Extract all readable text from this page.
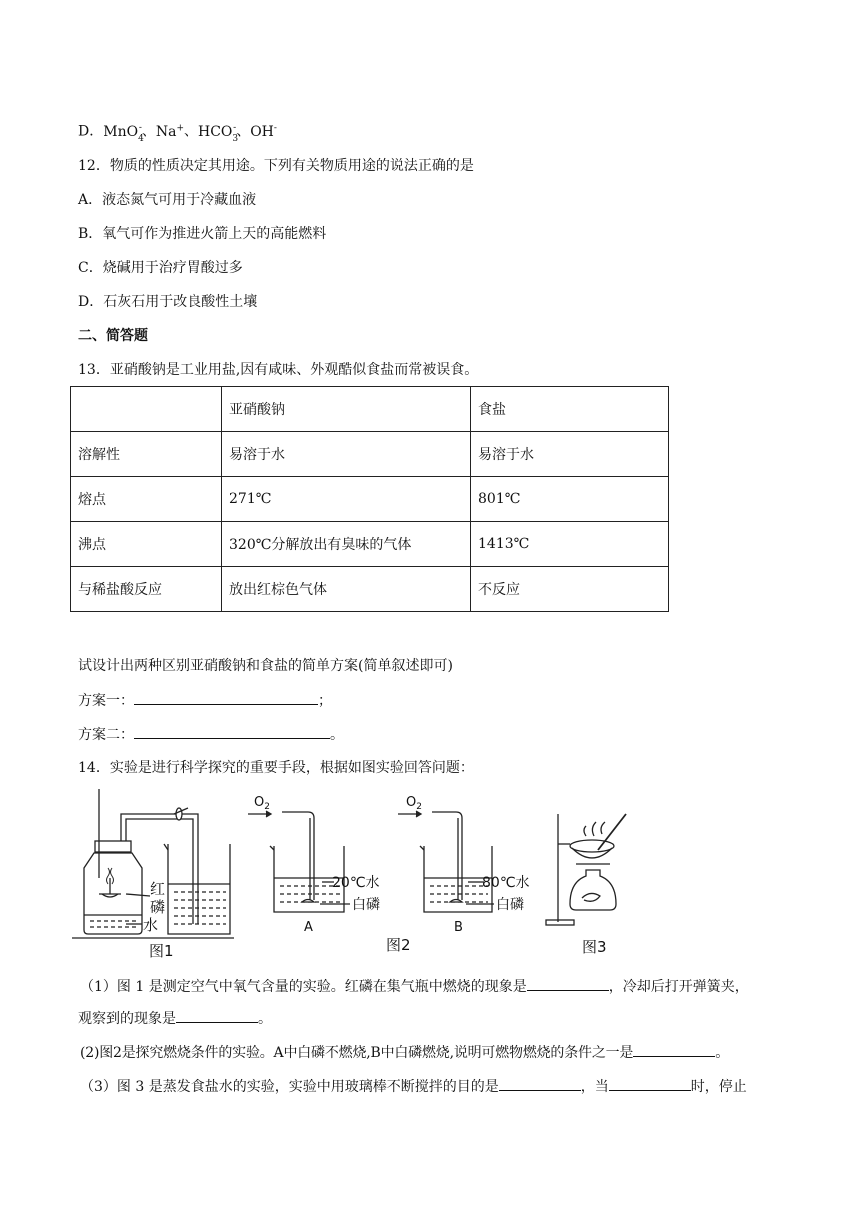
D．MnO$_4$-、Na+、$HCO_3^-$、OH-
12．物质的性质决定其用途。下列有关物质用途的说法正确的是
A．液态氮气可用于冷藏血液
B．氧气可作为推进火箭上天的高能燃料
C．烧碱用于治疗胃酸过多
D．石灰石用于改良酸性土壤
二、简答题
13．亚硝酸钠是工业用盐,因有咸味、外观酷似食盐而常被误食。
	亚硝酸钠	食盐
溶解性	易溶于水	易溶于水
熔点	271℃	801℃
沸点	320℃分解放出有臭味的气体	1413℃
与稀盐酸反应	放出红棕色气体	不反应
试设计出两种区别亚硝酸钠和食盐的简单方案(简单叙述即可)
方案一：	；
方案二：	。
14．实验是进行科学探究的重要手段，根据如图实验回答问题：
红
磷
水
图1
$O_2$
20℃水
白磷
A
$O_2$
80℃水
白磷
B
图2	图3
（1）图 1 是测定空气中氧气含量的实验。红磷在集气瓶中燃烧的现象是	，冷却后打开弹簧夹，
观察到的现象是	。
(2)图2是探究燃烧条件的实验。A中白磷不燃烧,B中白磷燃烧,说明可燃物燃烧的条件之一是	。
（3）图 3 是蒸发食盐水的实验，实验中用玻璃棒不断搅拌的目的是	，当	时，停止
